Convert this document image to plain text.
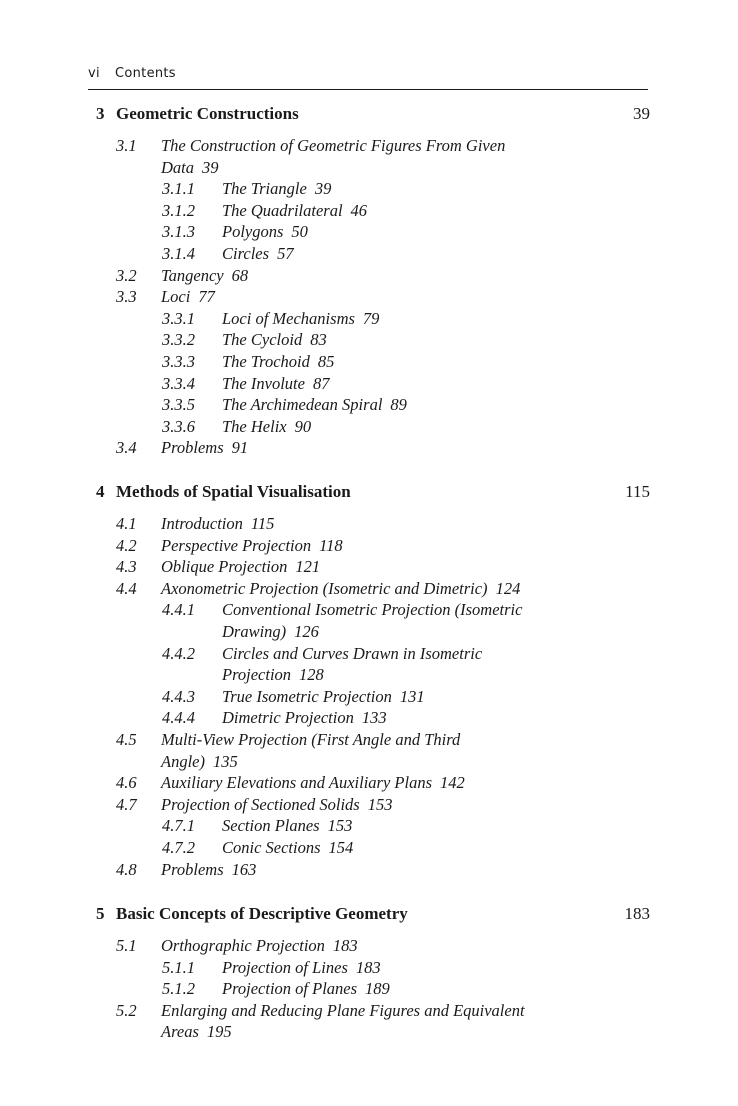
vi Contents
3 Geometric Constructions	39
3.1 The Construction of Geometric Figures From Given
Data 39
3.1.1 The Triangle 39
3.1.2 The Quadrilateral 46
3.1.3 Polygons 50
3.1.4 Circles 57
3.2 Tangency 68
3.3 Loci 77
3.3.1 Loci of Mechanisms 79
3.3.2 The Cycloid 83
3.3.3 The Trochoid 85
3.3.4 The Involute 87
3.3.5 The Archimedean Spiral 89
3.3.6 The Helix 90
3.4 Problems 91
4 Methods of Spatial Visualisation	115
4.1 Introduction 115
4.2 Perspective Projection 118
4.3 Oblique Projection 121
4.4 Axonometric Projection (Isometric and Dimetric) 124
4.4.1 Conventional Isometric Projection (Isometric
Drawing) 126
4.4.2 Circles and Curves Drawn in Isometric
Projection 128
4.4.3 True Isometric Projection 131
4.4.4 Dimetric Projection 133
4.5 Multi-View Projection (First Angle and Third
Angle) 135
4.6 Auxiliary Elevations and Auxiliary Plans 142
4.7 Projection of Sectioned Solids 153
4.7.1 Section Planes 153
4.7.2 Conic Sections 154
4.8 Problems 163
5 Basic Concepts of Descriptive Geometry	183
5.1 Orthographic Projection 183
5.1.1 Projection of Lines 183
5.1.2 Projection of Planes 189
5.2 Enlarging and Reducing Plane Figures and Equivalent
Areas 195
